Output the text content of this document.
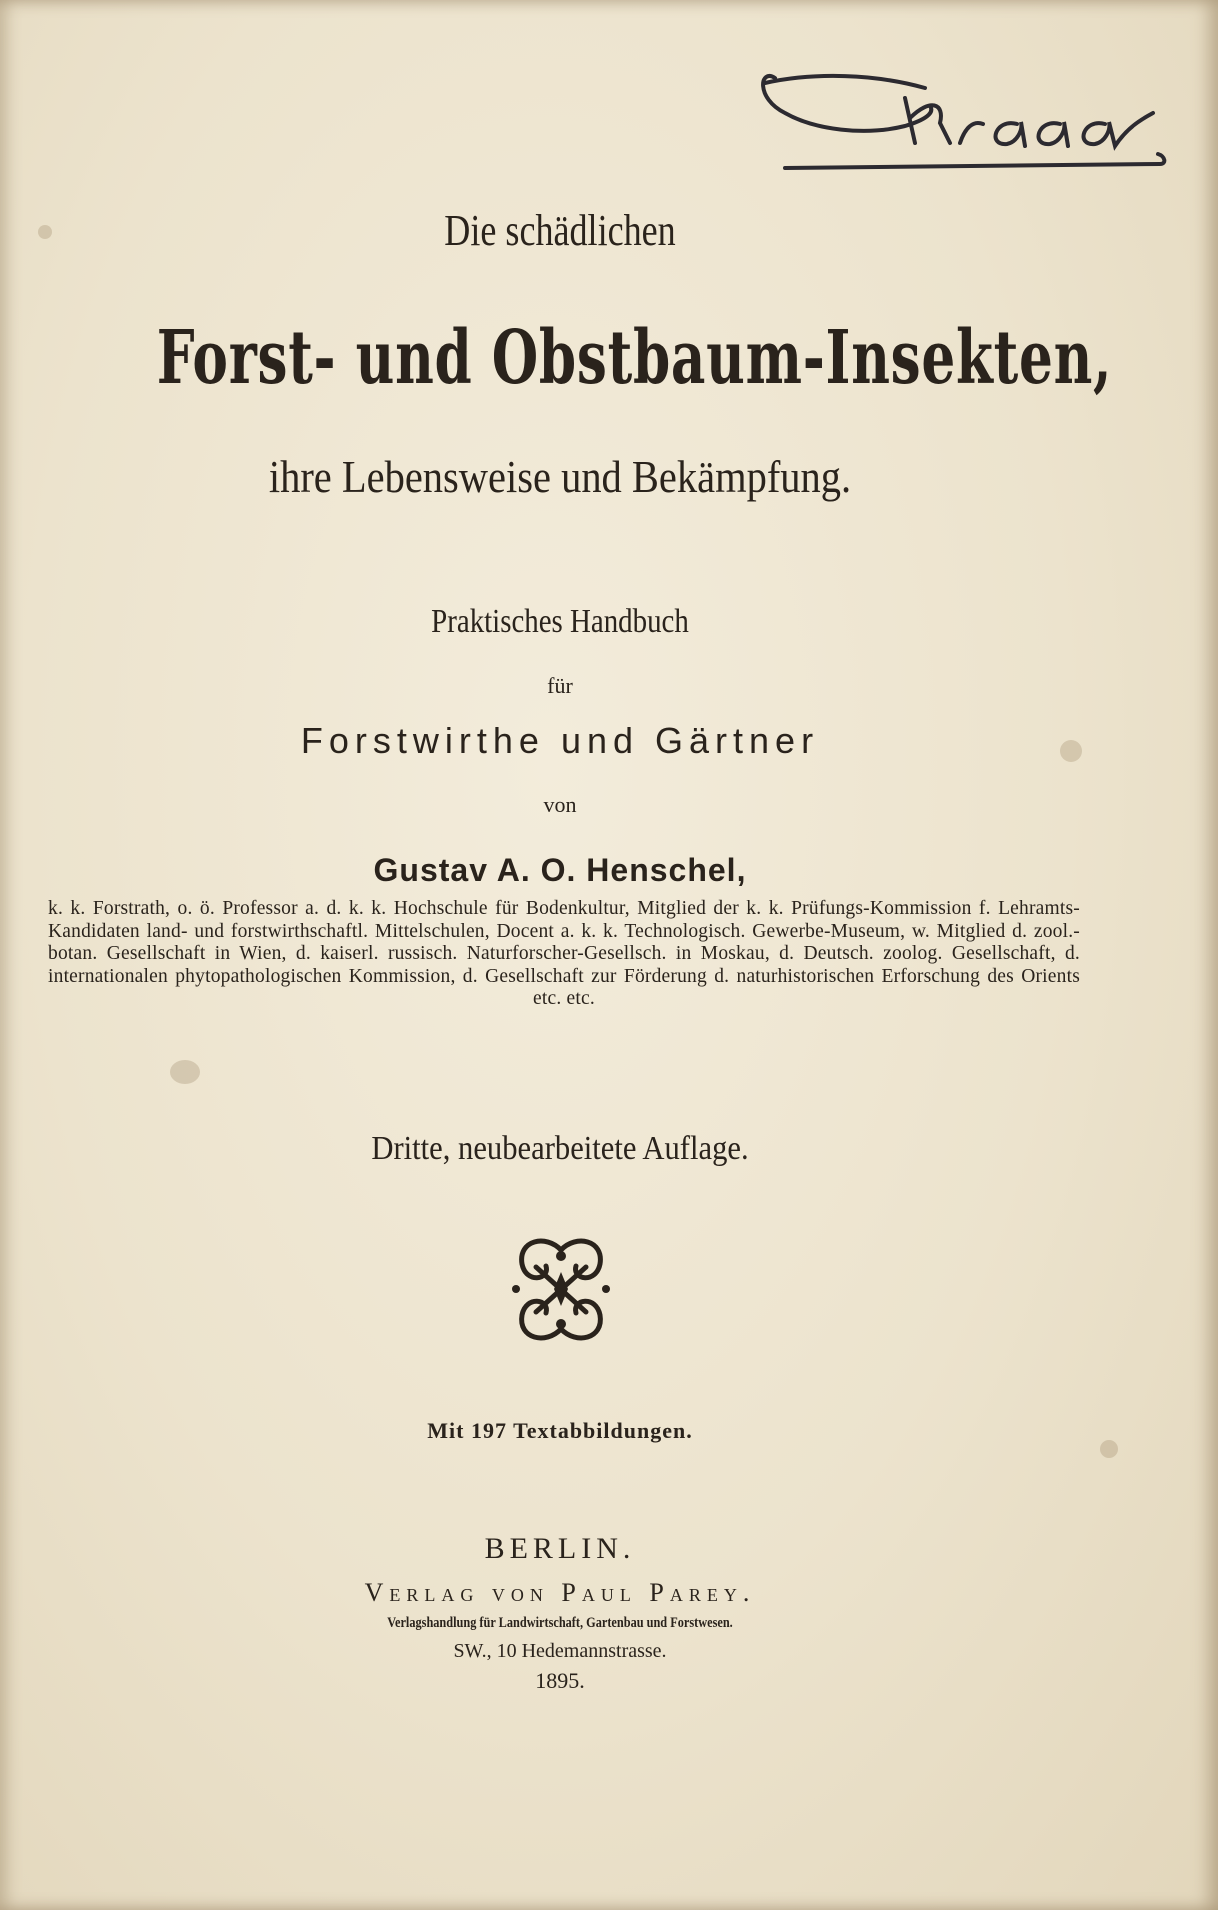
Die schädlichen
Forst- und Obstbaum-Insekten,
ihre Lebensweise und Bekämpfung.
Praktisches Handbuch
für
Forstwirthe und Gärtner
von
Gustav A. O. Henschel,
k. k. Forstrath, o. ö. Professor a. d. k. k. Hochschule für Bodenkultur, Mitglied der k. k. Prüfungs-Kommission f. Lehramts-Kandidaten land- und forstwirthschaftl. Mittelschulen, Docent a. k. k. Technologisch. Gewerbe-Museum, w. Mitglied d. zool.-botan. Gesellschaft in Wien, d. kaiserl. russisch. Naturforscher-Gesellsch. in Moskau, d. Deutsch. zoolog. Gesellschaft, d. internationalen phytopathologischen Kommission, d. Gesellschaft zur Förderung d. naturhistorischen Erforschung des Orients etc. etc.
Dritte, neubearbeitete Auflage.
Mit 197 Textabbildungen.
BERLIN.
Verlag von Paul Parey.
Verlagshandlung für Landwirtschaft, Gartenbau und Forstwesen.
SW., 10 Hedemannstrasse.
1895.
